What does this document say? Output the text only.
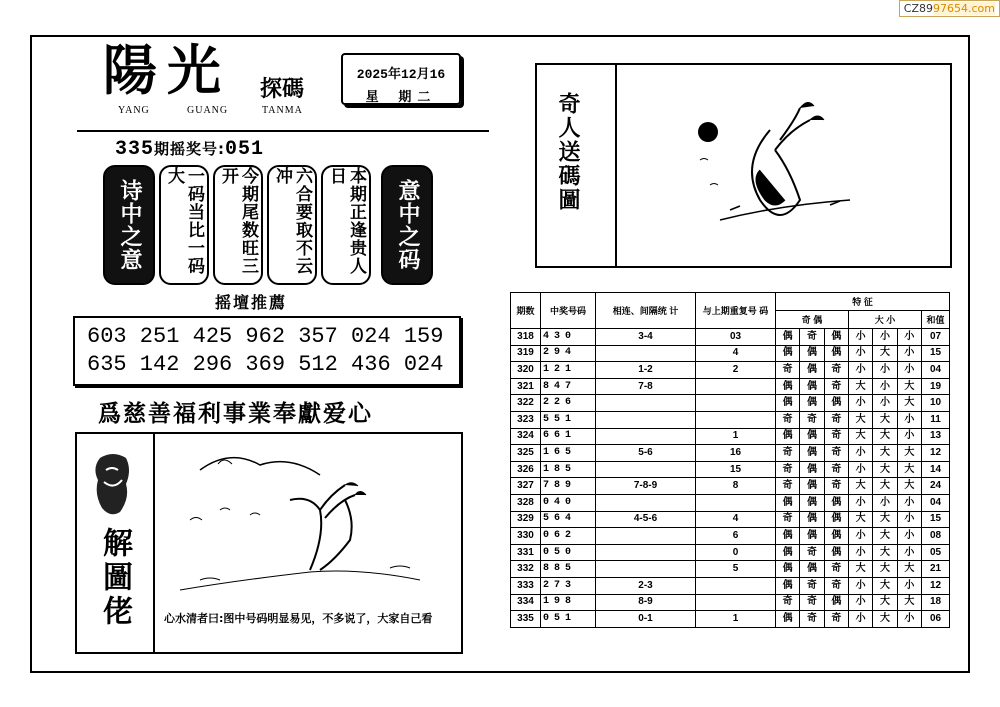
CZ8997654.com
陽光 探碼
YANG	GUANG	TANMA
2025年12月16
星 期二
335期摇奖号:051
诗中之意	一码当比一码大	今期尾数旺三开	六合要取不云冲	本期正逢贵人日
意中之码
摇壇推薦
603 251 425 962 357 024 159
635 142 296 369 512 436 024
爲慈善福利事業奉獻爱心
解圖佬	心水清者曰:图中号码明显易见，不多说了，大家自己看
奇人送碼圖
期数	中奖号码	相连、间隔统 计	与上期重复号 码	特 征						
				奇 偶			大 小			和值
318	430	3-4	03	偶	奇	偶	小	小	小	07
319	294		4	偶	偶	偶	小	大	小	15
320	121	1-2	2	奇	偶	奇	小	小	小	04
321	847	7-8		偶	偶	奇	大	小	大	19
322	226			偶	偶	偶	小	小	大	10
323	551			奇	奇	奇	大	大	小	11
324	661		1	偶	偶	奇	大	大	小	13
325	165	5-6	16	奇	偶	奇	小	大	大	12
326	185		15	奇	偶	奇	小	大	大	14
327	789	7-8-9	8	奇	偶	奇	大	大	大	24
328	040			偶	偶	偶	小	小	小	04
329	564	4-5-6	4	奇	偶	偶	大	大	小	15
330	062		6	偶	偶	偶	小	大	小	08
331	050		0	偶	奇	偶	小	大	小	05
332	885		5	偶	偶	奇	大	大	大	21
333	273	2-3		偶	奇	奇	小	大	小	12
334	198	8-9		奇	奇	偶	小	大	大	18
335	051	0-1	1	偶	奇	奇	小	大	小	06
